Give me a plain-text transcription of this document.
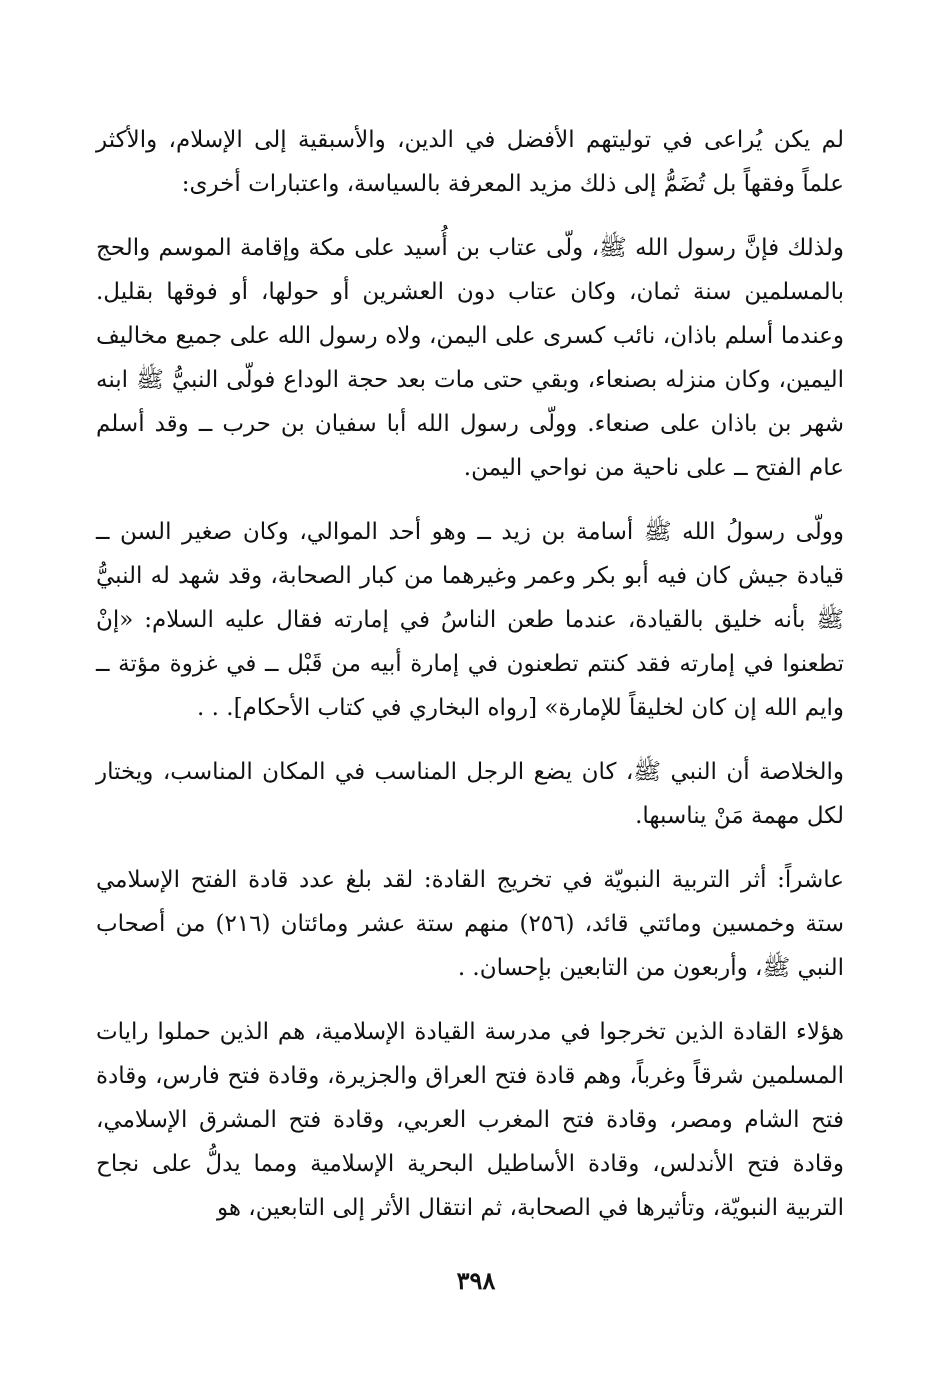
لم يكن يُراعى في توليتهم الأفضل في الدين، والأسبقية إلى الإسلام، والأكثر علماً وفقهاً بل تُضَمُّ إلى ذلك مزيد المعرفة بالسياسة، واعتبارات أخرى:

ولذلك فإنَّ رسول الله ﷺ، ولّى عتاب بن أُسيد على مكة وإقامة الموسم والحج بالمسلمين سنة ثمان، وكان عتاب دون العشرين أو حولها، أو فوقها بقليل. وعندما أسلم باذان، نائب كسرى على اليمن، ولاه رسول الله على جميع مخاليف اليمين، وكان منزله بصنعاء، وبقي حتى مات بعد حجة الوداع فولّى النبيُّ ﷺ ابنه شهر بن باذان على صنعاء. وولّى رسول الله أبا سفيان بن حرب ــ وقد أسلم عام الفتح ــ على ناحية من نواحي اليمن.

وولّى رسولُ الله ﷺ أسامة بن زيد ــ وهو أحد الموالي، وكان صغير السن ــ قيادة جيش كان فيه أبو بكر وعمر وغيرهما من كبار الصحابة، وقد شهد له النبيُّ ﷺ بأنه خليق بالقيادة، عندما طعن الناسُ في إمارته فقال عليه السلام: «إنْ تطعنوا في إمارته فقد كنتم تطعنون في إمارة أبيه من قَبْل ــ في غزوة مؤتة ــ وايم الله إن كان لخليقاً للإمارة» [رواه البخاري في كتاب الأحكام]. . .

والخلاصة أن النبي ﷺ، كان يضع الرجل المناسب في المكان المناسب، ويختار لكل مهمة مَنْ يناسبها.

عاشراً: أثر التربية النبويّة في تخريج القادة: لقد بلغ عدد قادة الفتح الإسلامي ستة وخمسين ومائتي قائد، (٢٥٦) منهم ستة عشر ومائتان (٢١٦) من أصحاب النبي ﷺ، وأربعون من التابعين بإحسان. .

هؤلاء القادة الذين تخرجوا في مدرسة القيادة الإسلامية، هم الذين حملوا رايات المسلمين شرقاً وغرباً، وهم قادة فتح العراق والجزيرة، وقادة فتح فارس، وقادة فتح الشام ومصر، وقادة فتح المغرب العربي، وقادة فتح المشرق الإسلامي، وقادة فتح الأندلس، وقادة الأساطيل البحرية الإسلامية ومما يدلُّ على نجاح التربية النبويّة، وتأثيرها في الصحابة، ثم انتقال الأثر إلى التابعين، هو

٣٩٨
